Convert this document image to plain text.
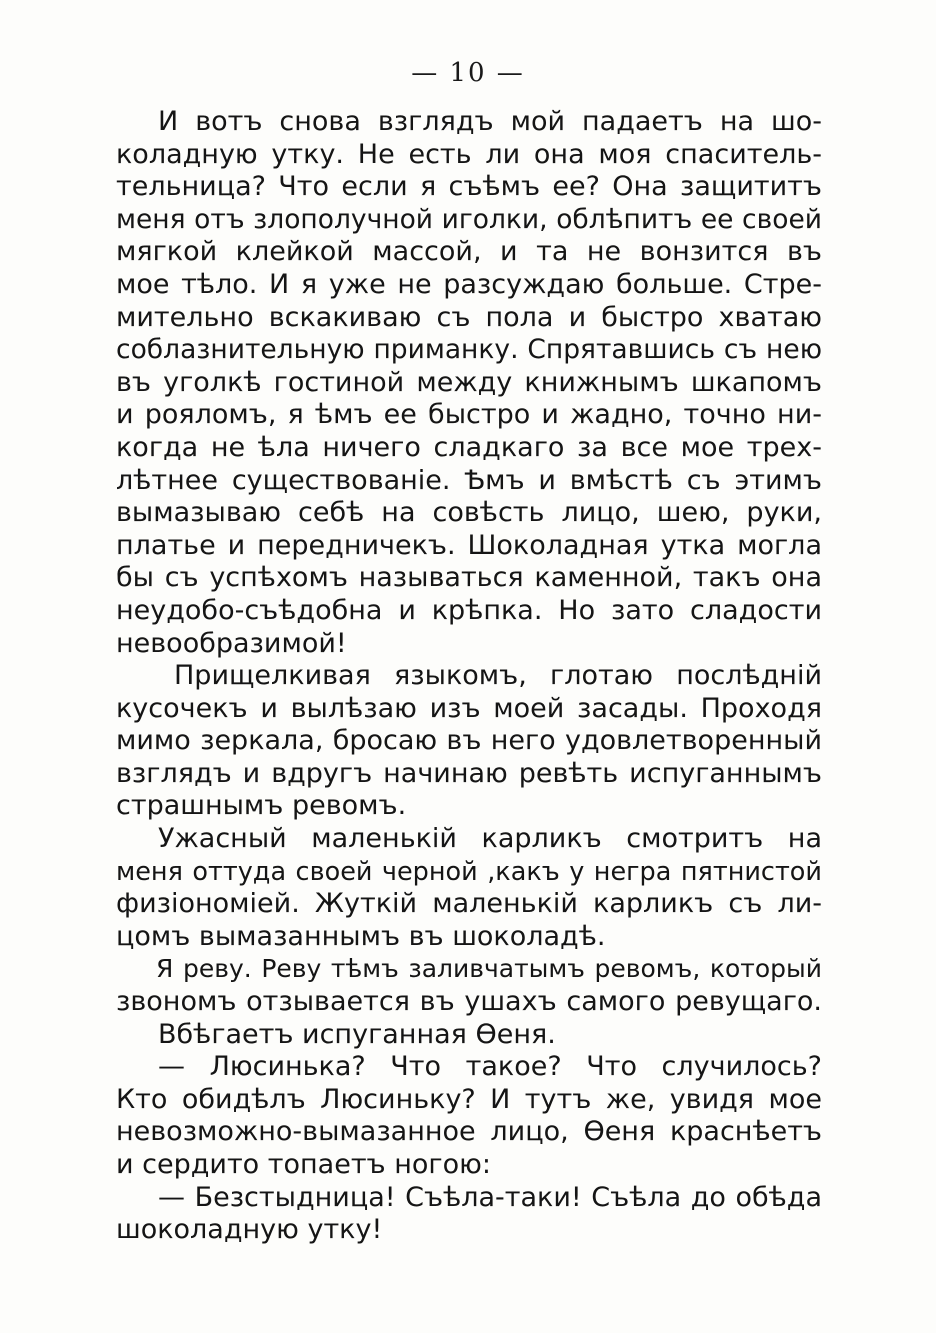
— 10 —
И вотъ снова взглядъ мой падаетъ на шо-
коладную утку. Не есть ли она моя спаситель-
тельница? Что если я съѣмъ ее? Она защититъ
меня отъ злополучной иголки, облѣпитъ ее своей
мягкой клейкой массой, и та не вонзится въ
мое тѣло. И я уже не разсуждаю больше. Стре-
мительно вскакиваю съ пола и быстро хватаю
соблазнительную приманку. Спрятавшись съ нею
въ уголкѣ гостиной между книжнымъ шкапомъ
и рояломъ, я ѣмъ ее быстро и жадно, точно ни-
когда не ѣла ничего сладкаго за все мое трех-
лѣтнее существованіе. Ѣмъ и вмѣстѣ съ этимъ
вымазываю себѣ на совѣсть лицо, шею, руки,
платье и передничекъ. Шоколадная утка могла
бы съ успѣхомъ называться каменной, такъ она
неудобо-съѣдобна и крѣпка. Но зато сладости
невообразимой!
Прищелкивая языкомъ, глотаю послѣдній
кусочекъ и вылѣзаю изъ моей засады. Проходя
мимо зеркала, бросаю въ него удовлетворенный
взглядъ и вдругъ начинаю ревѣть испуганнымъ
страшнымъ ревомъ.
Ужасный маленькій карликъ смотритъ на
меня оттуда своей черной ,какъ у негра пятнистой
физіономіей. Жуткій маленькій карликъ съ ли-
цомъ вымазаннымъ въ шоколадѣ.
Я реву. Реву тѣмъ заливчатымъ ревомъ, который
звономъ отзывается въ ушахъ самого ревущаго.
Вбѣгаетъ испуганная Ѳеня.
— Люсинька? Что такое? Что случилось?
Кто обидѣлъ Люсиньку? И тутъ же, увидя мое
невозможно-вымазанное лицо, Ѳеня краснѣетъ
и сердито топаетъ ногою:
— Безстыдница! Съѣла-таки! Съѣла до обѣда
шоколадную утку!
